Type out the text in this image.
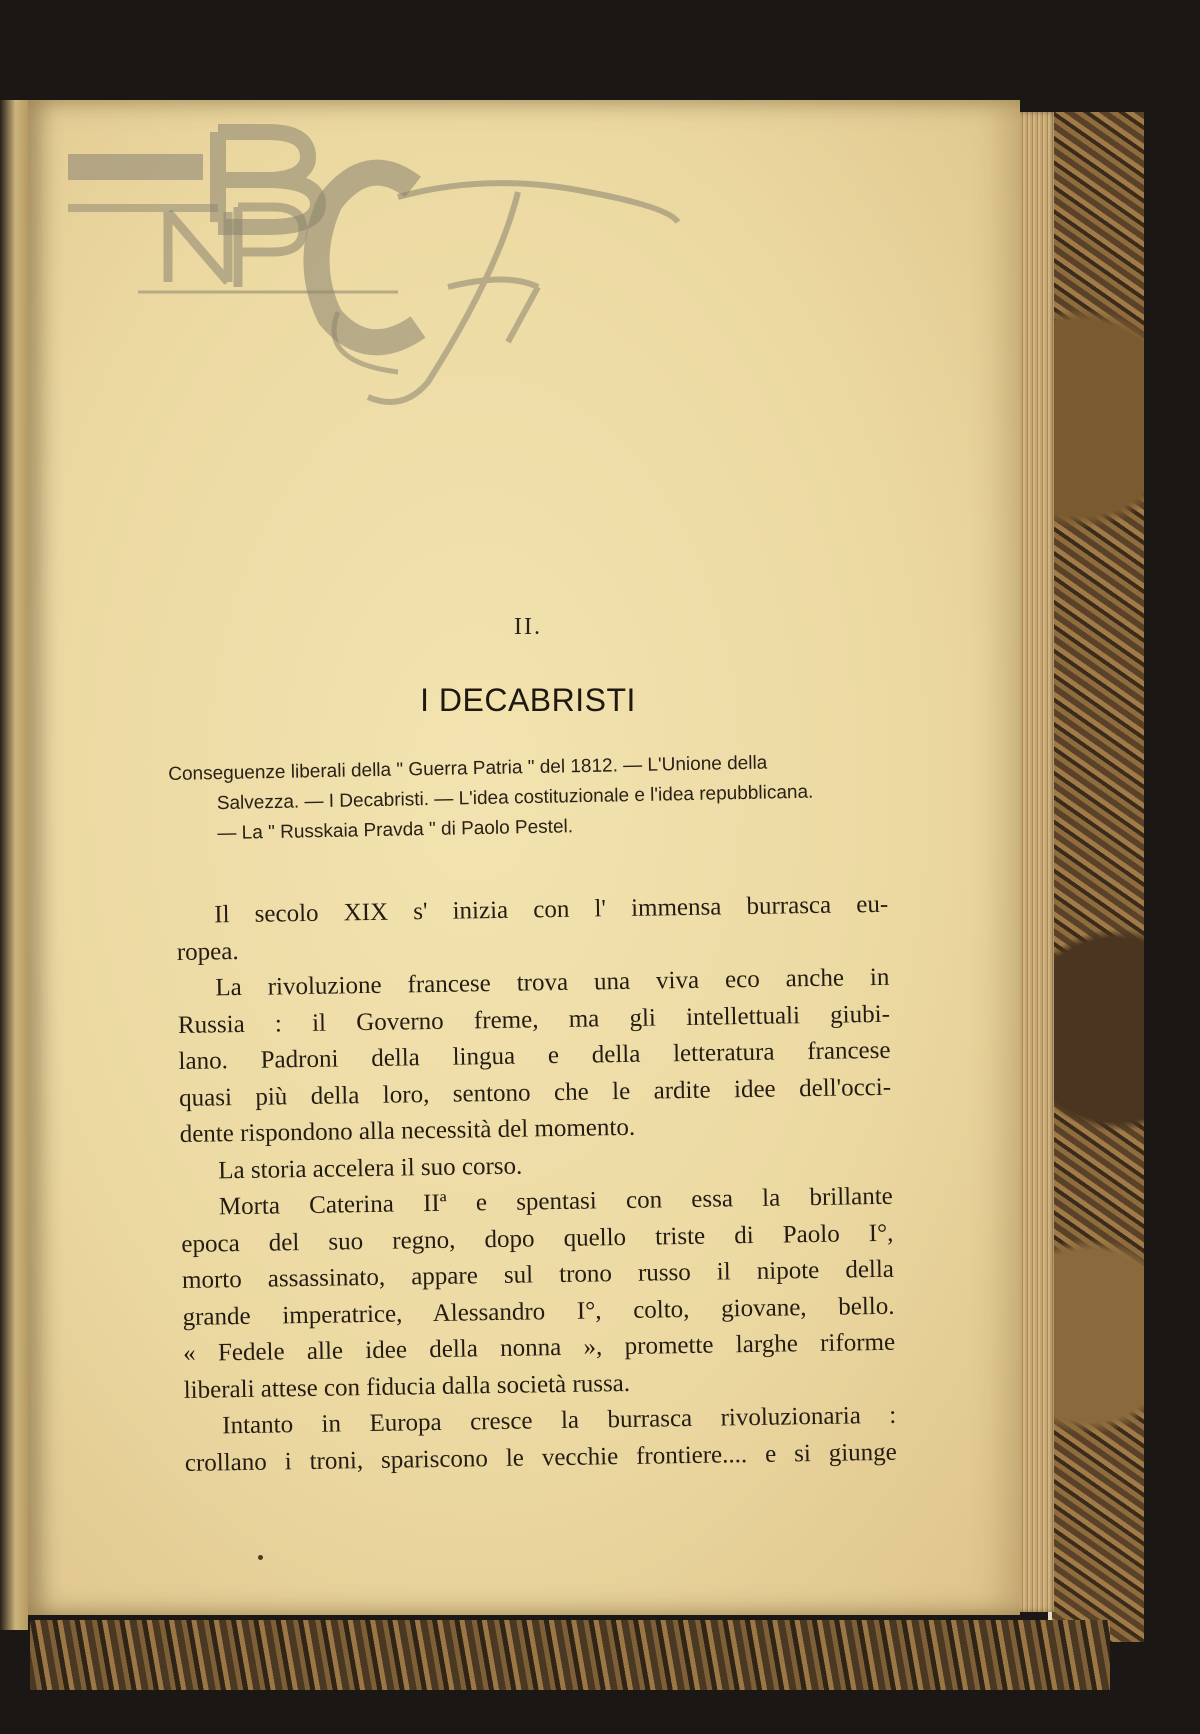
II.
I DECABRISTI
Conseguenze liberali della " Guerra Patria " del 1812. — L'Unione della
Salvezza. — I Decabristi. — L'idea costituzionale e l'idea repubblicana.
— La " Russkaia Pravda " di Paolo Pestel.
Il secolo XIX s' inizia con l' immensa burrasca eu-
ropea.
La rivoluzione francese trova una viva eco anche in
Russia : il Governo freme, ma gli intellettuali giubi-
lano. Padroni della lingua e della letteratura francese
quasi più della loro, sentono che le ardite idee dell'occi-
dente rispondono alla necessità del momento.
La storia accelera il suo corso.
Morta Caterina IIª e spentasi con essa la brillante
epoca del suo regno, dopo quello triste di Paolo I°,
morto assassinato, appare sul trono russo il nipote della
grande imperatrice, Alessandro I°, colto, giovane, bello.
« Fedele alle idee della nonna », promette larghe riforme
liberali attese con fiducia dalla società russa.
Intanto in Europa cresce la burrasca rivoluzionaria :
crollano i troni, spariscono le vecchie frontiere.... e si giunge
